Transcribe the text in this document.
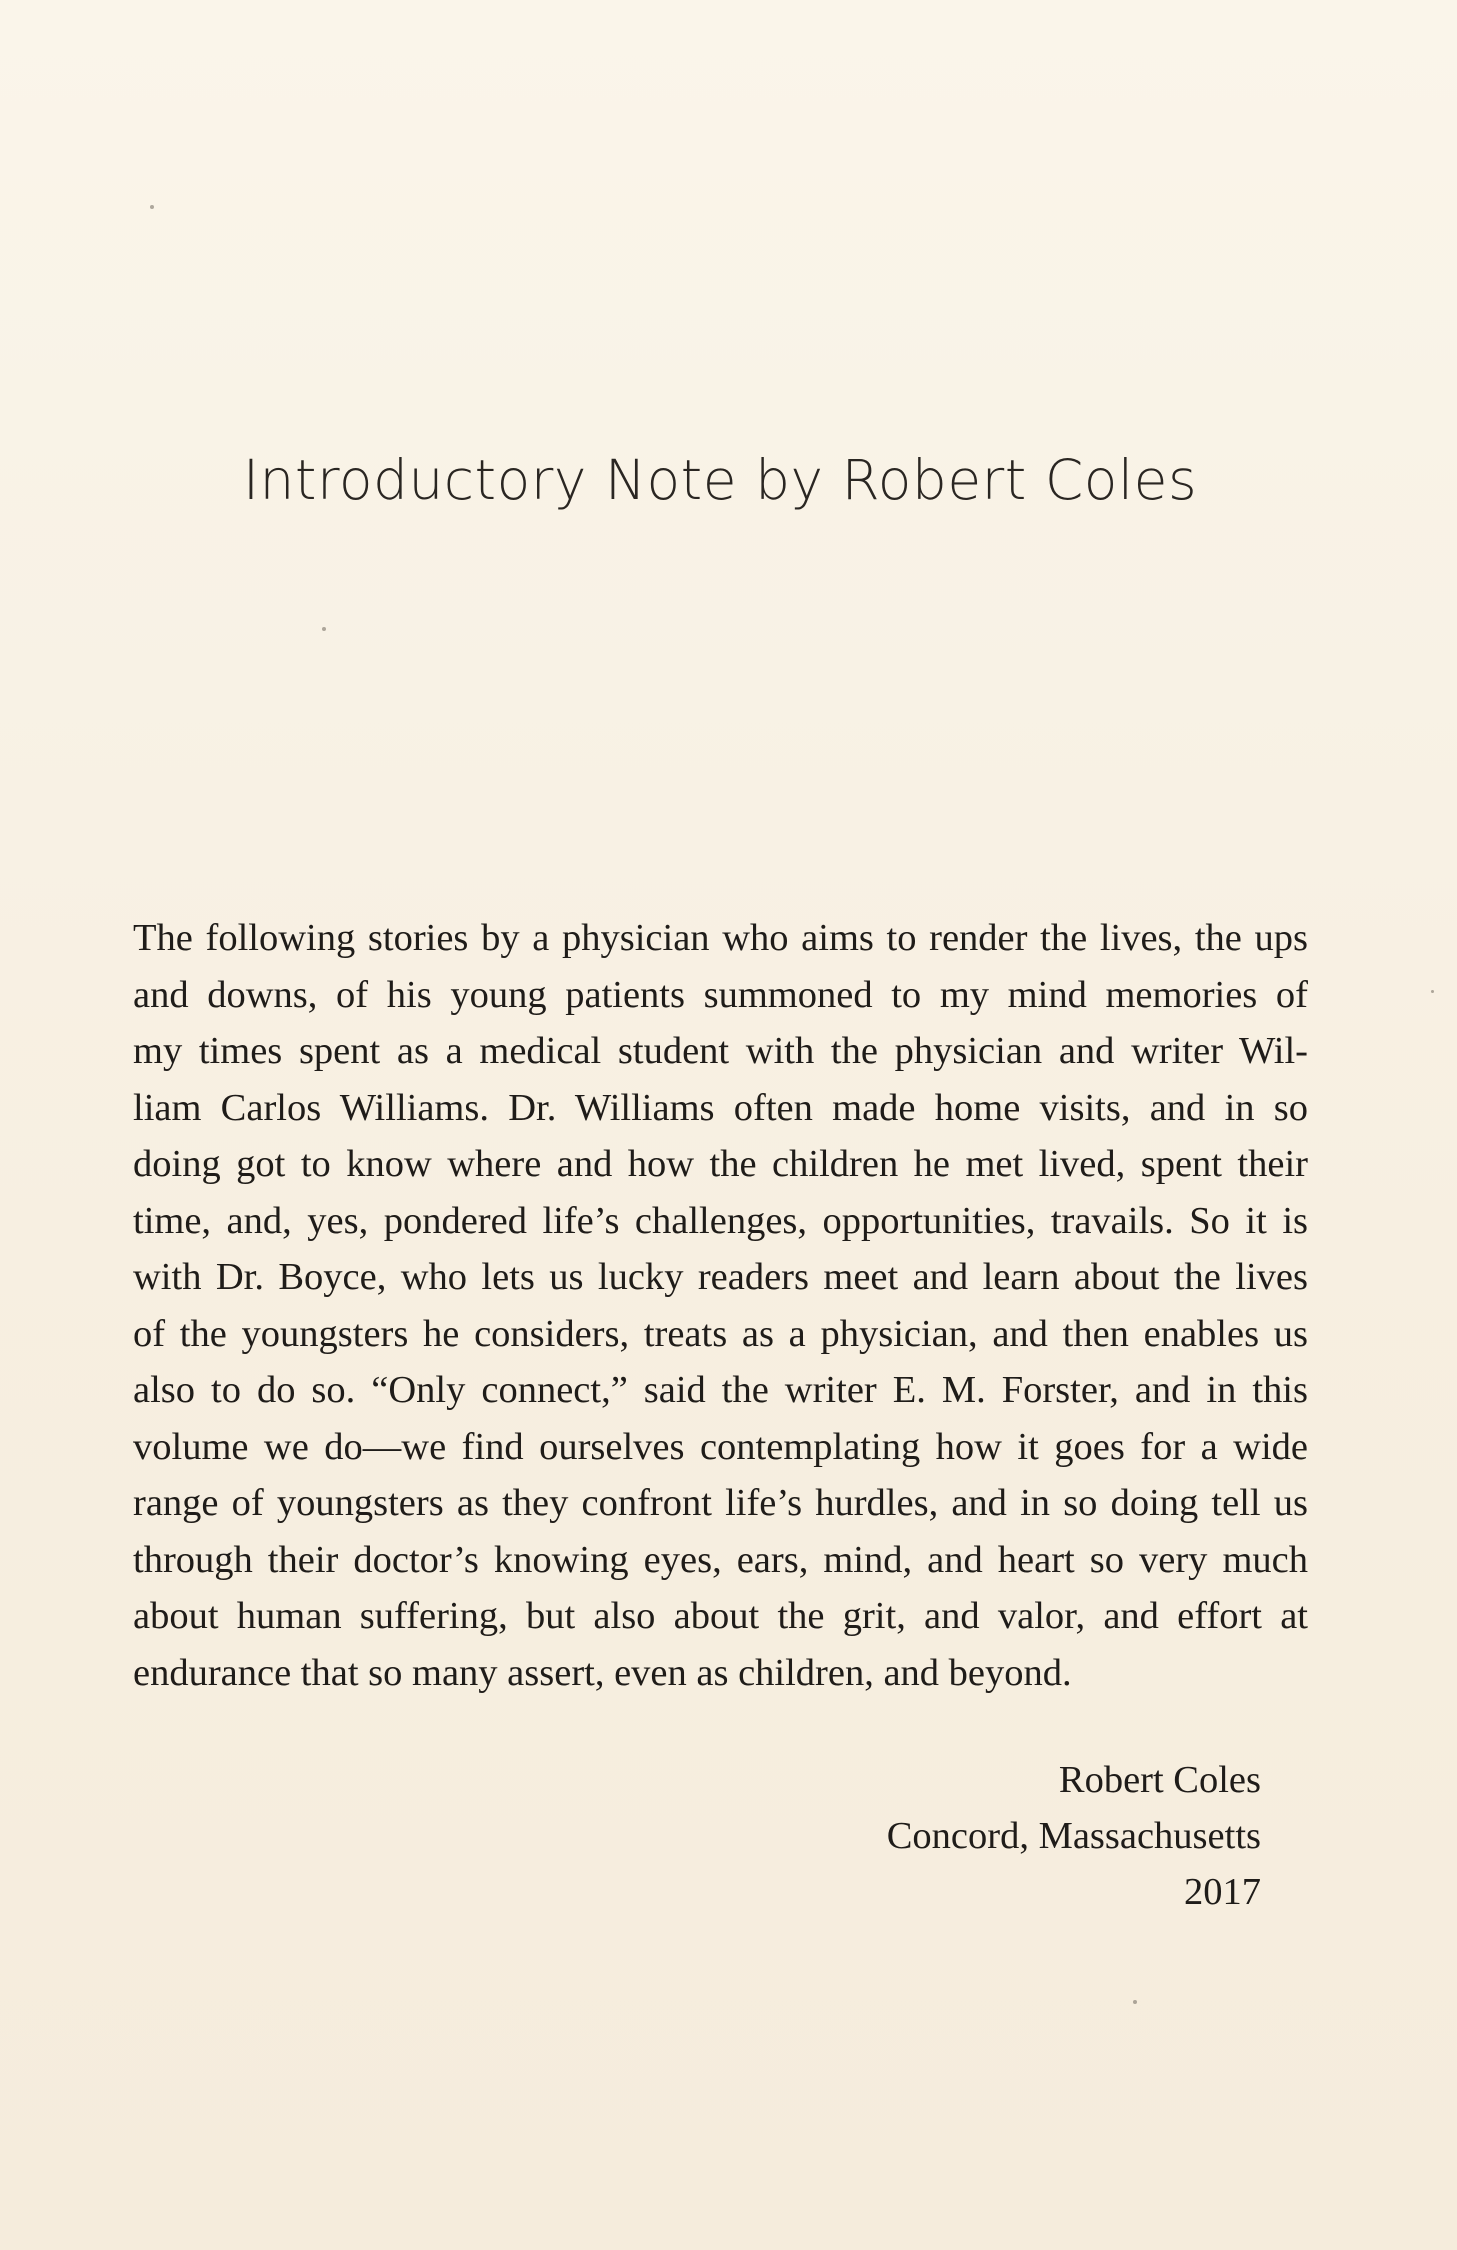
Introductory Note by Robert Coles
The following stories by a physician who aims to render the lives, the ups
and downs, of his young patients summoned to my mind memories of
my times spent as a medical student with the physician and writer Wil-
liam Carlos Williams. Dr. Williams often made home visits, and in so
doing got to know where and how the children he met lived, spent their
time, and, yes, pondered life’s challenges, opportunities, travails. So it is
with Dr. Boyce, who lets us lucky readers meet and learn about the lives
of the youngsters he considers, treats as a physician, and then enables us
also to do so. “Only connect,” said the writer E. M. Forster, and in this
volume we do—we find ourselves contemplating how it goes for a wide
range of youngsters as they confront life’s hurdles, and in so doing tell us
through their doctor’s knowing eyes, ears, mind, and heart so very much
about human suffering, but also about the grit, and valor, and effort at
endurance that so many assert, even as children, and beyond.
Robert Coles
Concord, Massachusetts
2017
